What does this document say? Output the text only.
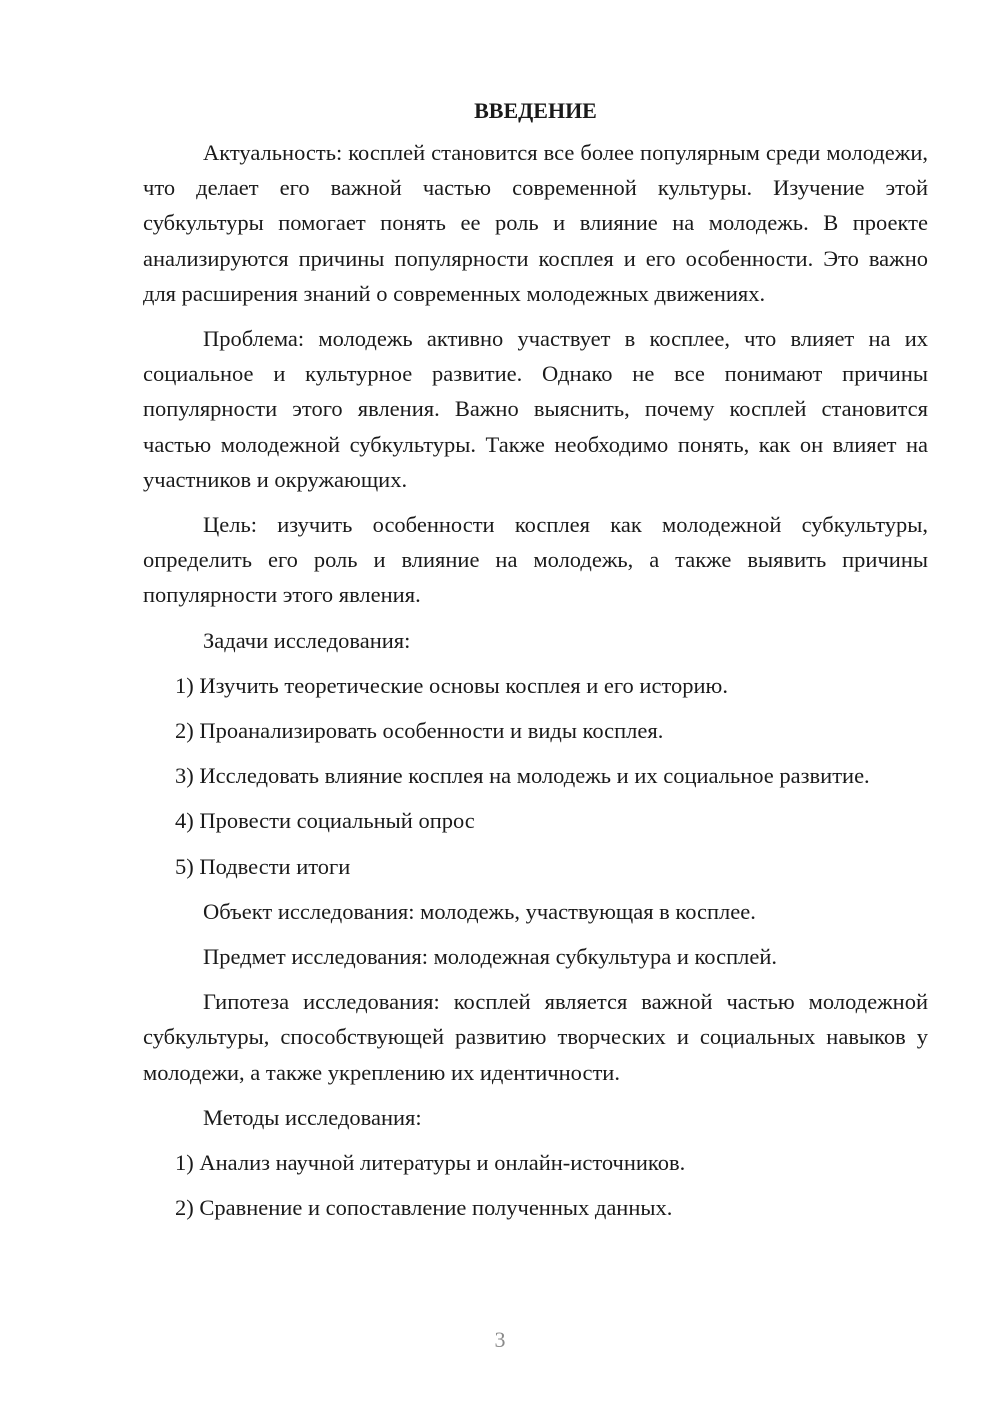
ВВЕДЕНИЕ

Актуальность: косплей становится все более популярным среди молодежи, что делает его важной частью современной культуры. Изучение этой субкультуры помогает понять ее роль и влияние на молодежь. В проекте анализируются причины популярности косплея и его особенности. Это важно для расширения знаний о современных молодежных движениях.

Проблема: молодежь активно участвует в косплее, что влияет на их социальное и культурное развитие. Однако не все понимают причины популярности этого явления. Важно выяснить, почему косплей становится частью молодежной субкультуры. Также необходимо понять, как он влияет на участников и окружающих.

Цель: изучить особенности косплея как молодежной субкультуры, определить его роль и влияние на молодежь, а также выявить причины популярности этого явления.

Задачи исследования:

1) Изучить теоретические основы косплея и его историю.

2) Проанализировать особенности и виды косплея.

3) Исследовать влияние косплея на молодежь и их социальное развитие.

4) Провести социальный опрос

5) Подвести итоги

Объект исследования: молодежь, участвующая в косплее.

Предмет исследования: молодежная субкультура и косплей.

Гипотеза исследования: косплей является важной частью молодежной субкультуры, способствующей развитию творческих и социальных навыков у молодежи, а также укреплению их идентичности.

Методы исследования:

1) Анализ научной литературы и онлайн-источников.

2) Сравнение и сопоставление полученных данных.

3
